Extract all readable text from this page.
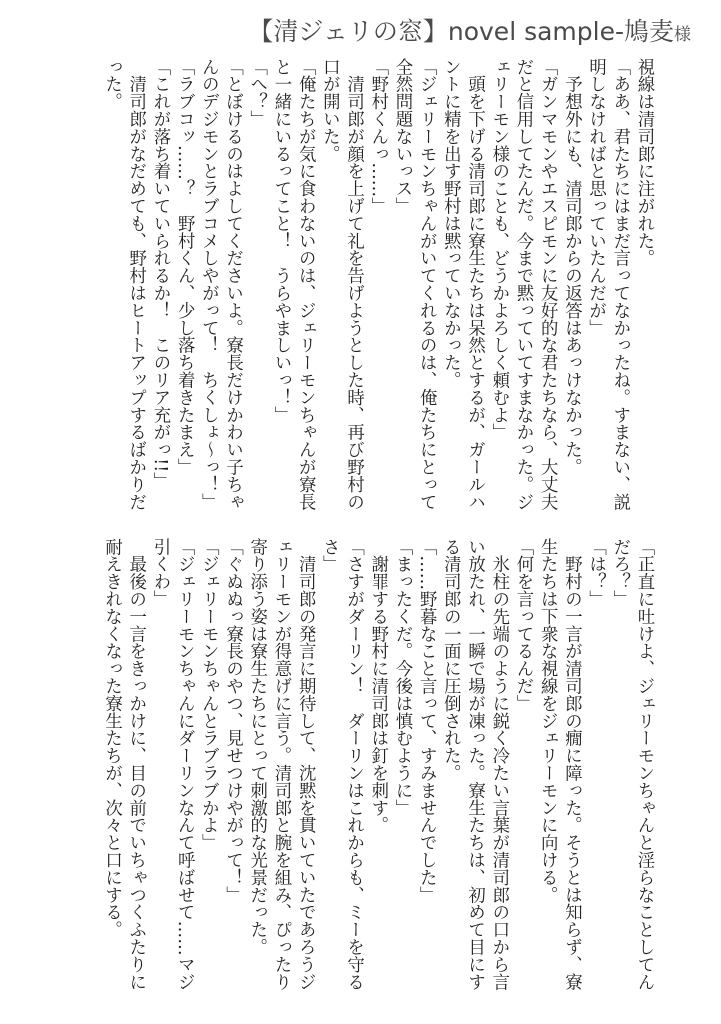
【清ジェリの窓】novel sample-鳩麦様
視線は清司郎に注がれた。
「ああ、君たちにはまだ言ってなかったね。すまない、説
明しなければと思っていたんだが」
　予想外にも、清司郎からの返答はあっけなかった。
「ガンマモンやエスピモンに友好的な君たちなら、大丈夫
だと信用してたんだ。今まで黙っていてすまなかった。ジ
ェリーモン様のことも、どうかよろしく頼むよ」
　頭を下げる清司郎に寮生たちは呆然とするが、ガールハ
ントに精を出す野村は黙っていなかった。
「ジェリーモンちゃんがいてくれるのは、俺たちにとって
全然問題ないっス」
「野村くんっ……」
　清司郎が顔を上げて礼を告げようとした時、再び野村の
口が開いた。
「俺たちが気に食わないのは、ジェリーモンちゃんが寮長
と一緒にいるってこと！　うらやましいっ！」
「へ？」
「とぼけるのはよしてくださいよ。寮長だけかわい子ちゃ
んのデジモンとラブコメしやがって！　ちくしょ～っ！」
「ラブコッ……？　野村くん、少し落ち着きたまえ」
「これが落ち着いていられるか！　このリア充がっ!!」
　清司郎がなだめても、野村はヒートアップするばかりだ
った。
「正直に吐けよ、ジェリーモンちゃんと淫らなことしてん
だろ？」
「は？」
　野村の一言が清司郎の癇に障った。そうとは知らず、寮
生たちは下衆な視線をジェリーモンに向ける。
「何を言ってるんだ」
　氷柱の先端のように鋭く冷たい言葉が清司郎の口から言
い放たれ、一瞬で場が凍った。寮生たちは、初めて目にす
る清司郎の一面に圧倒された。
「……野暮なこと言って、すみませんでした」
「まったくだ。今後は慎むように」
　謝罪する野村に清司郎は釘を刺す。
「さすがダーリン！　ダーリンはこれからも、ミーを守る
さ」
　清司郎の発言に期待して、沈黙を貫いていたであろうジ
ェリーモンが得意げに言う。清司郎と腕を組み、ぴったり
寄り添う姿は寮生たちにとって刺激的な光景だった。
「ぐぬぬっ寮長のやつ、見せつけやがって！」
「ジェリーモンちゃんとラブラブかよ」
「ジェリーモンちゃんにダーリンなんて呼ばせて……マジ
引くわ」
　最後の一言をきっかけに、目の前でいちゃつくふたりに
耐えきれなくなった寮生たちが、次々と口にする。
